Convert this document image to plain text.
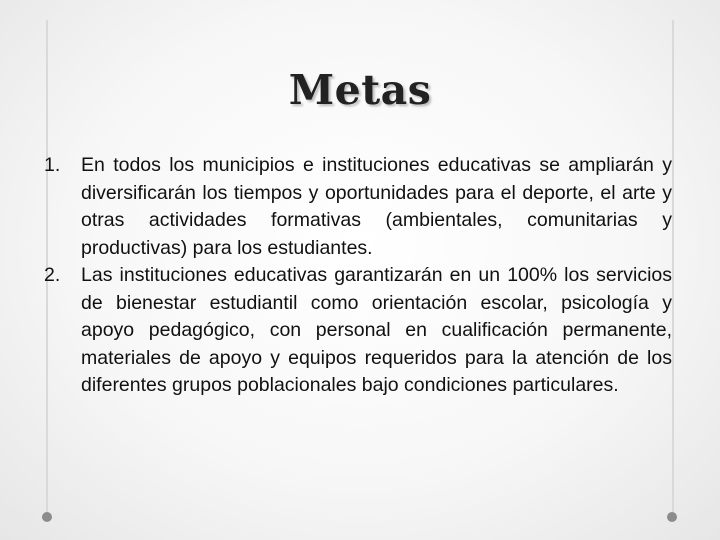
Metas
1. En todos los municipios e instituciones educativas se ampliarán y diversificarán los tiempos y oportunidades para el deporte, el arte y otras actividades formativas (ambientales, comunitarias y productivas) para los estudiantes.
2. Las instituciones educativas garantizarán en un 100% los servicios de bienestar estudiantil como orientación escolar, psicología y apoyo pedagógico, con personal en cualificación permanente, materiales de apoyo y equipos requeridos para la atención de los diferentes grupos poblacionales bajo condiciones particulares.
